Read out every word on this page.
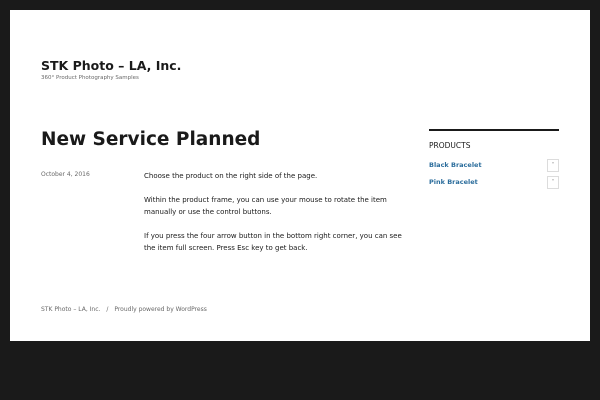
STK Photo – LA, Inc.
360° Product Photography Samples
New Service Planned
October 4, 2016	Choose the product on the right side of the page.

Within the product frame, you can use your mouse to rotate the item manually or use the control buttons.

If you press the four arrow button in the bottom right corner, you can see the item full screen. Press Esc key to get back.

PRODUCTS
Black Bracelet	˅
Pink Bracelet	˅
STK Photo – LA, Inc. / Proudly powered by WordPress
